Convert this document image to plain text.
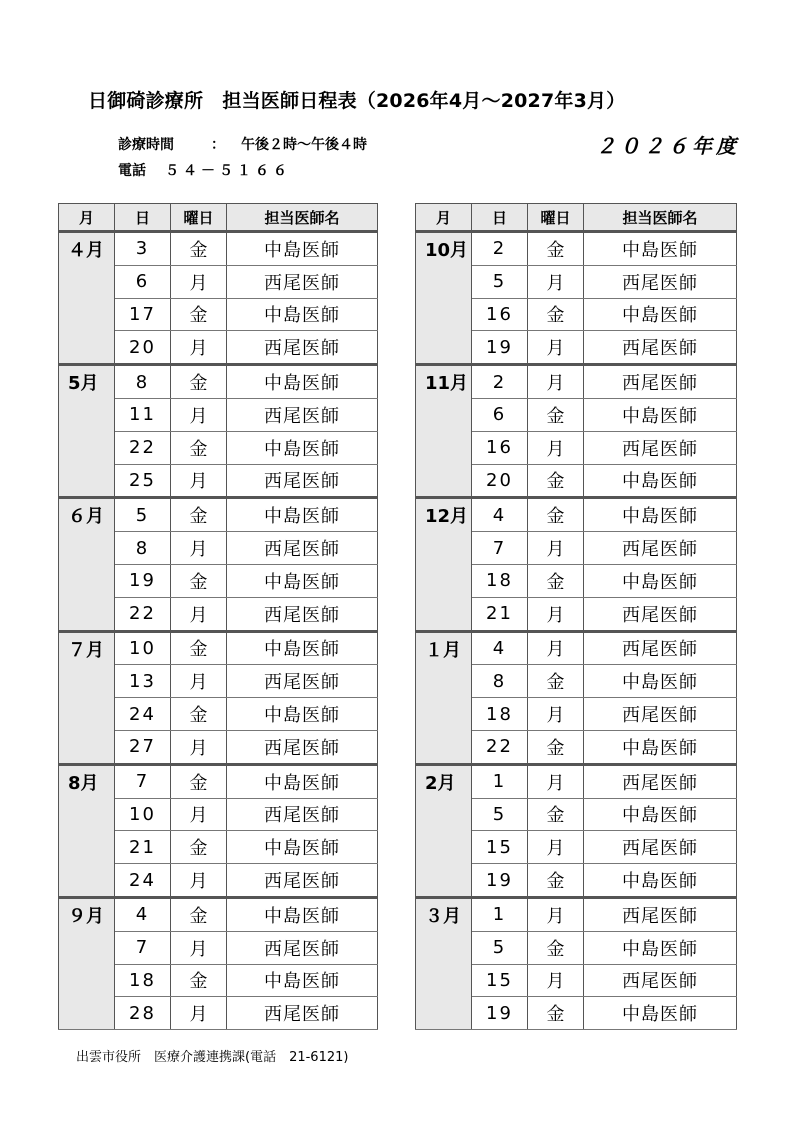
日御碕診療所　担当医師日程表（2026年4月～2027年3月）
診療時間	： 午後２時～午後４時
電話 ５４－５１６６
２０２６年度
月	日	曜日	担当医師名
４月	3	金	中島医師
	6	月	西尾医師
	17	金	中島医師
	20	月	西尾医師
5月	8	金	中島医師
	11	月	西尾医師
	22	金	中島医師
	25	月	西尾医師
６月	5	金	中島医師
	8	月	西尾医師
	19	金	中島医師
	22	月	西尾医師
７月	10	金	中島医師
	13	月	西尾医師
	24	金	中島医師
	27	月	西尾医師
8月	7	金	中島医師
	10	月	西尾医師
	21	金	中島医師
	24	月	西尾医師
９月	4	金	中島医師
	7	月	西尾医師
	18	金	中島医師
	28	月	西尾医師
月	日	曜日	担当医師名
10月	2	金	中島医師
	5	月	西尾医師
	16	金	中島医師
	19	月	西尾医師
11月	2	月	西尾医師
	6	金	中島医師
	16	月	西尾医師
	20	金	中島医師
12月	4	金	中島医師
	7	月	西尾医師
	18	金	中島医師
	21	月	西尾医師
１月	4	月	西尾医師
	8	金	中島医師
	18	月	西尾医師
	22	金	中島医師
2月	1	月	西尾医師
	5	金	中島医師
	15	月	西尾医師
	19	金	中島医師
３月	1	月	西尾医師
	5	金	中島医師
	15	月	西尾医師
	19	金	中島医師
出雲市役所　医療介護連携課(電話　21-6121)
